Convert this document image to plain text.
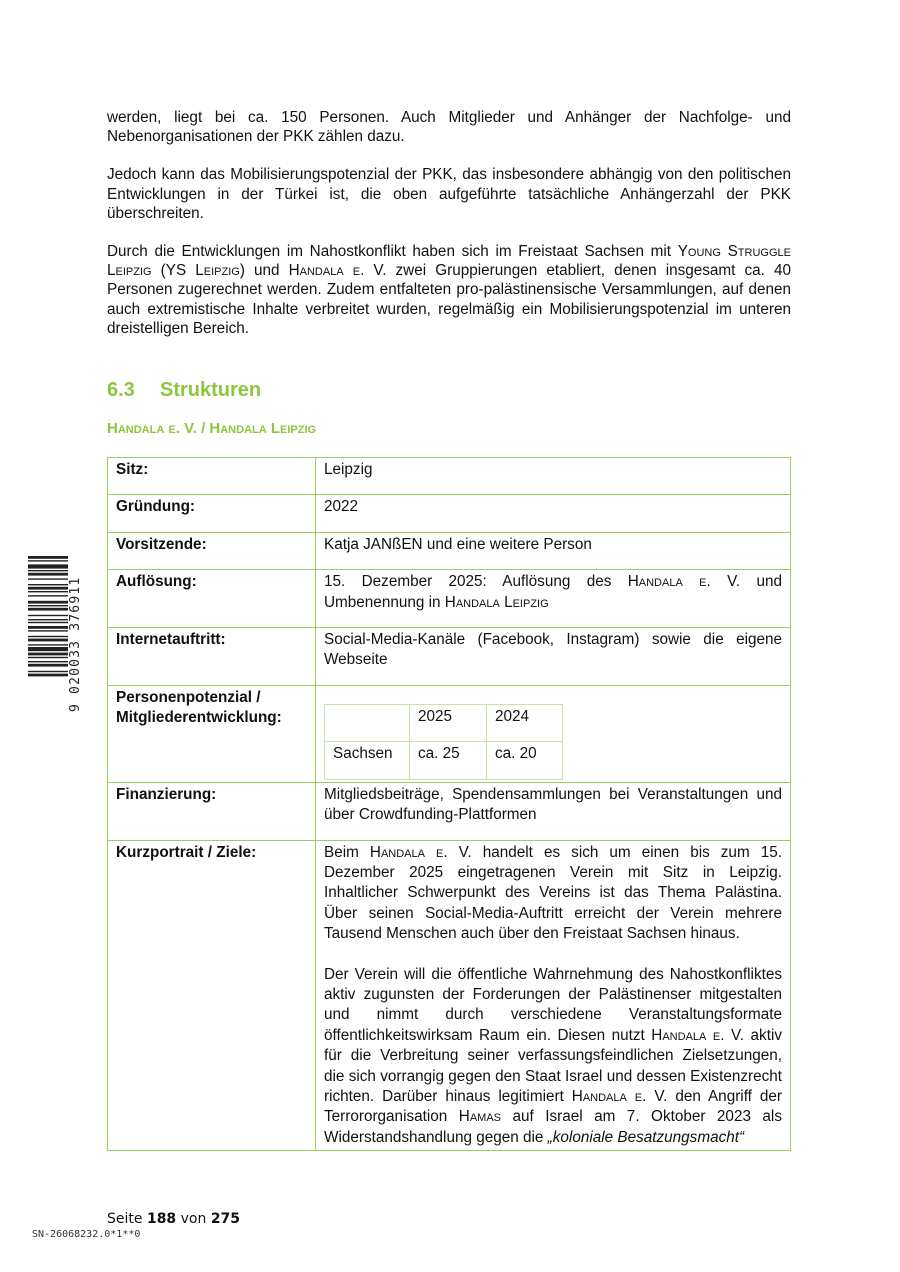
werden, liegt bei ca. 150 Personen. Auch Mitglieder und Anhänger der Nachfolge- und Nebenorganisationen der PKK zählen dazu.

Jedoch kann das Mobilisierungspotenzial der PKK, das insbesondere abhängig von den politischen Entwicklungen in der Türkei ist, die oben aufgeführte tatsächliche Anhängerzahl der PKK überschreiten.

Durch die Entwicklungen im Nahostkonflikt haben sich im Freistaat Sachsen mit Young Struggle Leipzig (YS Leipzig) und Handala e. V. zwei Gruppierungen etabliert, denen insgesamt ca. 40 Personen zugerechnet werden. Zudem entfalteten pro-palästinensische Versammlungen, auf denen auch extremistische Inhalte verbreitet wurden, regelmäßig ein Mobilisierungspotenzial im unteren dreistelligen Bereich.

6.3 Strukturen
Handala e. V. / Handala Leipzig
Sitz:	Leipzig
Gründung:	2022
Vorsitzende:	Katja JANßEN und eine weitere Person
Auflösung:	15. Dezember 2025: Auflösung des Handala e. V. und Umbenennung in Handala Leipzig
Internetauftritt:	Social-Media-Kanäle (Facebook, Instagram) sowie die eigene Webseite
Personenpotenzial /
Mitgliederentwicklung:	
		2025	2024
Sachsen	ca. 25	ca. 20

Finanzierung:	Mitgliedsbeiträge, Spendensammlungen bei Veranstaltungen und über Crowdfunding-Plattformen
Kurzportrait / Ziele:	Beim Handala e. V. handelt es sich um einen bis zum 15. Dezember 2025 eingetragenen Verein mit Sitz in Leipzig. Inhaltlicher Schwerpunkt des Vereins ist das Thema Palästina. Über seinen Social-Media-Auftritt erreicht der Verein mehrere Tausend Menschen auch über den Freistaat Sachsen hinaus.

Der Verein will die öffentliche Wahrnehmung des Nahostkonfliktes aktiv zugunsten der Forderungen der Palästinenser mitgestalten und nimmt durch verschiedene Veranstaltungsformate öffentlichkeitswirksam Raum ein. Diesen nutzt Handala e. V. aktiv für die Verbreitung seiner verfassungsfeindlichen Zielsetzungen, die sich vorrangig gegen den Staat Israel und dessen Existenzrecht richten. Darüber hinaus legitimiert Handala e. V. den Angriff der Terrororganisation Hamas auf Israel am 7. Oktober 2023 als Widerstandshandlung gegen die „koloniale Besatzungsmacht“

9 020033 376911
Seite 188 von 275
SN-26068232.0*1**0
